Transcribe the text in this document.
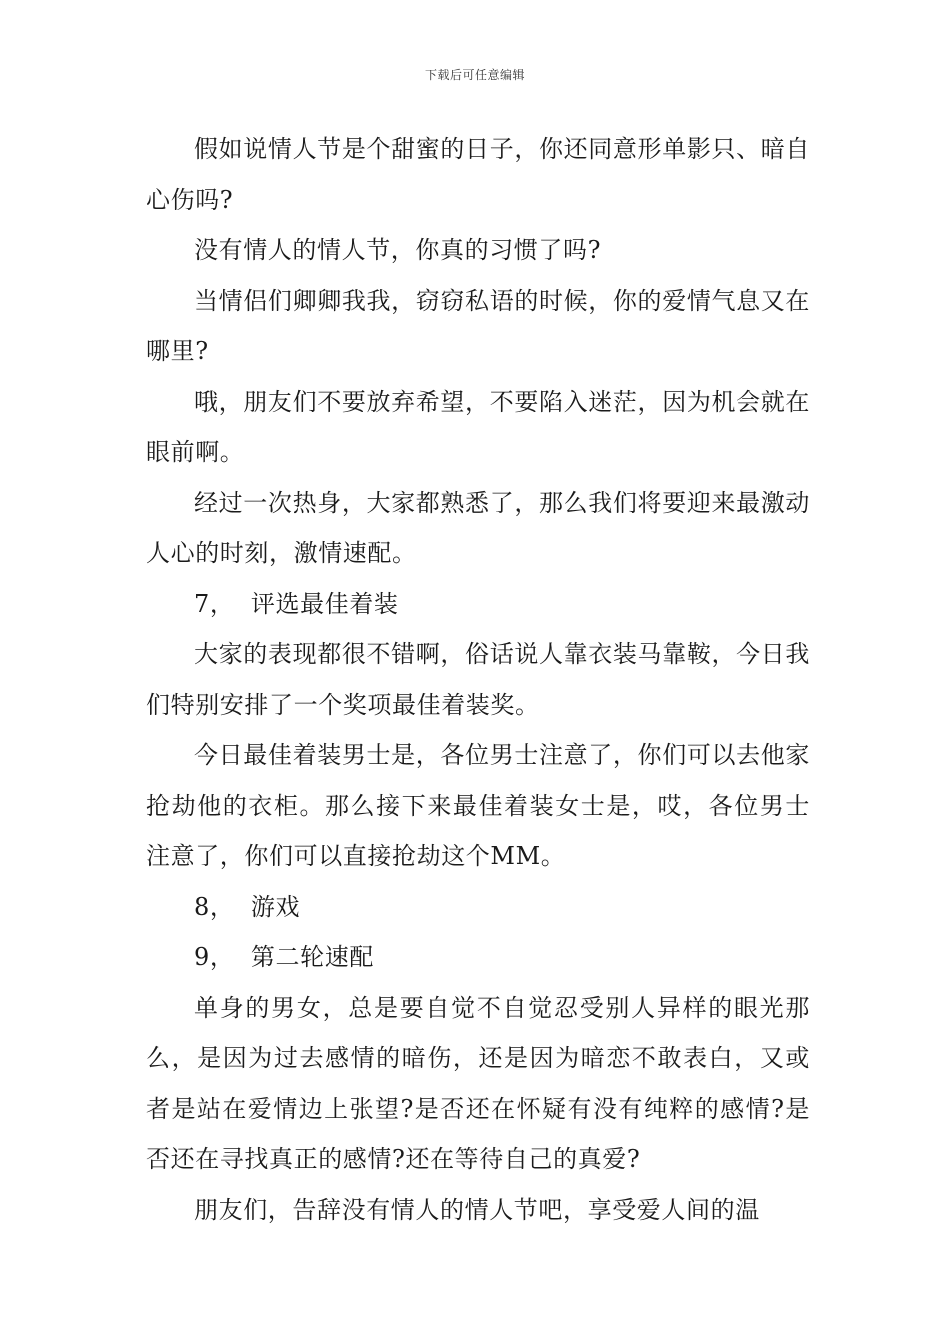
下载后可任意编辑

假如说情人节是个甜蜜的日子，你还同意形单影只、暗自心伤吗?

没有情人的情人节，你真的习惯了吗?

当情侣们卿卿我我，窃窃私语的时候，你的爱情气息又在哪里?

哦，朋友们不要放弃希望，不要陷入迷茫，因为机会就在眼前啊。

经过一次热身，大家都熟悉了，那么我们将要迎来最激动人心的时刻，激情速配。

7，  评选最佳着装

大家的表现都很不错啊，俗话说人靠衣装马靠鞍，今日我们特别安排了一个奖项最佳着装奖。

今日最佳着装男士是，各位男士注意了，你们可以去他家抢劫他的衣柜。那么接下来最佳着装女士是，哎，各位男士注意了，你们可以直接抢劫这个MM。

8，  游戏

9，  第二轮速配

单身的男女，总是要自觉不自觉忍受别人异样的眼光那么，是因为过去感情的暗伤，还是因为暗恋不敢表白，又或者是站在爱情边上张望?是否还在怀疑有没有纯粹的感情?是否还在寻找真正的感情?还在等待自己的真爱?

朋友们，告辞没有情人的情人节吧，享受爱人间的温
